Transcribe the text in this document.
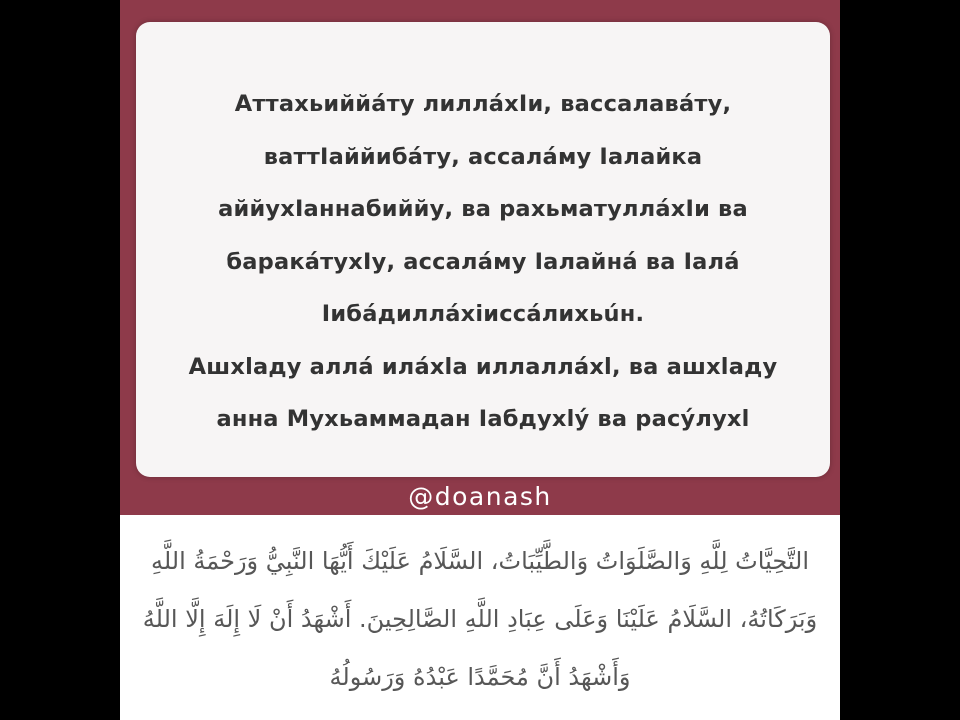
Аттахьиййáту лиллáхIи, вассалавáту,
ваттIаййибáту, ассалáму Iалайка
аййухIаннабиййу, ва рахьматуллáхIи ва
баракáтухIу, ассалáму Iалайнá ва Iалá
Iибáдиллáхiиссáлихьúн.
Ашхlаду аллá илáхlа иллаллáхl, ва ашхlаду
анна Мухьаммадан Iабдухlý ва расýлухl
@doanash
التَّحِيَّاتُ لِلَّهِ وَالصَّلَوَاتُ وَالطَّيِّبَاتُ، السَّلَامُ عَلَيْكَ أَيُّهَا النَّبِيُّ وَرَحْمَةُ اللَّهِ
وَبَرَكَاتُهُ، السَّلَامُ عَلَيْنَا وَعَلَى عِبَادِ اللَّهِ الصَّالِحِينَ. أَشْهَدُ أَنْ لَا إِلَهَ إِلَّا اللَّهُ
وَأَشْهَدُ أَنَّ مُحَمَّدًا عَبْدُهُ وَرَسُولُهُ
